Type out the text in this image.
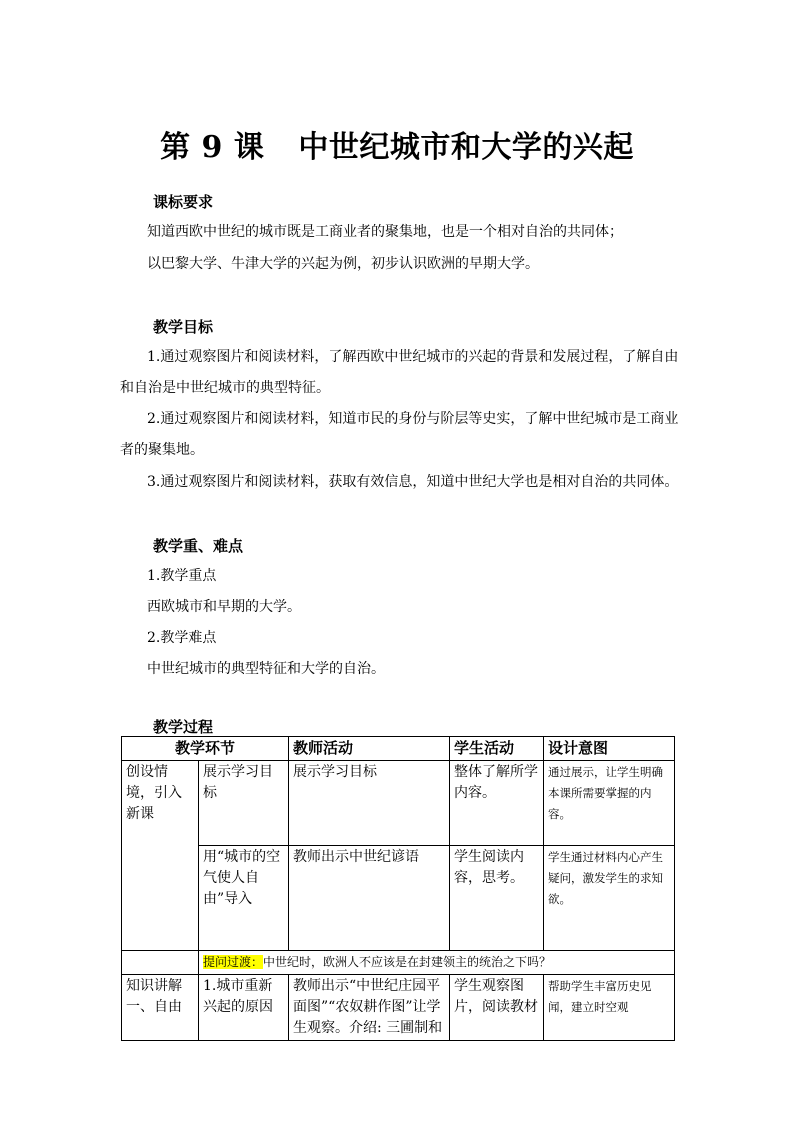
第 9 课 中世纪城市和大学的兴起
课标要求
知道西欧中世纪的城市既是工商业者的聚集地，也是一个相对自治的共同体；
以巴黎大学、牛津大学的兴起为例，初步认识欧洲的早期大学。
教学目标
1.通过观察图片和阅读材料，了解西欧中世纪城市的兴起的背景和发展过程，了解自由
和自治是中世纪城市的典型特征。
2.通过观察图片和阅读材料，知道市民的身份与阶层等史实，了解中世纪城市是工商业
者的聚集地。
3.通过观察图片和阅读材料，获取有效信息，知道中世纪大学也是相对自治的共同体。
教学重、难点
1.教学重点
西欧城市和早期的大学。
2.教学难点
中世纪城市的典型特征和大学的自治。
教学过程
教学环节		教师活动	学生活动	设计意图
创设情境，引入新课	展示学习目标	展示学习目标	整体了解所学内容。	通过展示，让学生明确本课所需要掌握的内容。
	用“城市的空气使人自由”导入	教师出示中世纪谚语	学生阅读内容，思考。	学生通过材料内心产生疑问，激发学生的求知欲。
	提问过渡：中世纪时，欧洲人不应该是在封建领主的统治之下吗？			
知识讲解一、自由	1.城市重新兴起的原因	教师出示“中世纪庄园平面图”“农奴耕作图”让学生观察。介绍: 三圃制和	学生观察图片，阅读教材	帮助学生丰富历史见闻，建立时空观
